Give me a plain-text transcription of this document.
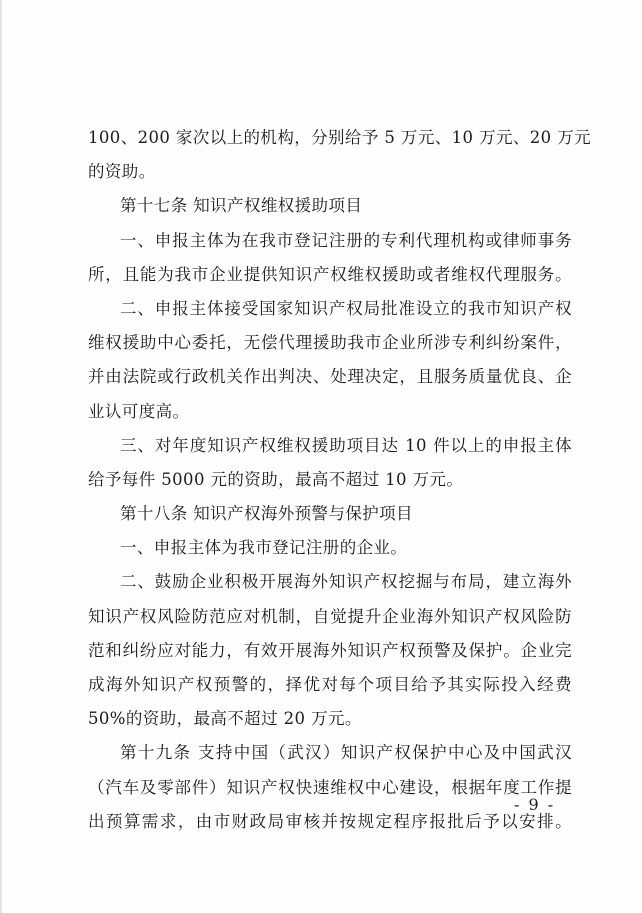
100、200 家次以上的机构，分别给予 5 万元、10 万元、20 万元
的资助。
第十七条 知识产权维权援助项目
一、申报主体为在我市登记注册的专利代理机构或律师事务
所，且能为我市企业提供知识产权维权援助或者维权代理服务。
二、申报主体接受国家知识产权局批准设立的我市知识产权
维权援助中心委托，无偿代理援助我市企业所涉专利纠纷案件，
并由法院或行政机关作出判决、处理决定，且服务质量优良、企
业认可度高。
三、对年度知识产权维权援助项目达 10 件以上的申报主体
给予每件 5000 元的资助，最高不超过 10 万元。
第十八条 知识产权海外预警与保护项目
一、申报主体为我市登记注册的企业。
二、鼓励企业积极开展海外知识产权挖掘与布局，建立海外
知识产权风险防范应对机制，自觉提升企业海外知识产权风险防
范和纠纷应对能力，有效开展海外知识产权预警及保护。企业完
成海外知识产权预警的，择优对每个项目给予其实际投入经费
50%的资助，最高不超过 20 万元。
第十九条 支持中国（武汉）知识产权保护中心及中国武汉
（汽车及零部件）知识产权快速维权中心建设，根据年度工作提
出预算需求，由市财政局审核并按规定程序报批后予以安排。
- 9 -
